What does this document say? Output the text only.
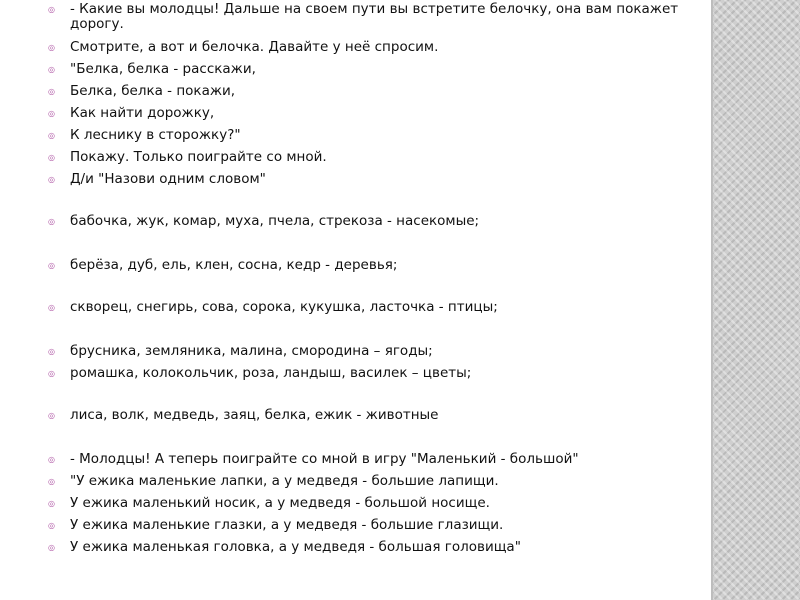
◎ - Какие вы молодцы! Дальше на своем пути вы встретите белочку, она вам покажет дорогу.
◎ Смотрите, а вот и белочка. Давайте у неё спросим.
◎ "Белка, белка - расскажи,
◎ Белка, белка - покажи,
◎ Как найти дорожку,
◎ К леснику в сторожку?"
◎ Покажу. Только поиграйте со мной.
◎ Д/и "Назови одним словом"
◎ бабочка, жук, комар, муха, пчела, стрекоза - насекомые;
◎ берёза, дуб, ель, клен, сосна, кедр - деревья;
◎ скворец, снегирь, сова, сорока, кукушка, ласточка - птицы;
◎ брусника, земляника, малина, смородина – ягоды;
◎ ромашка, колокольчик, роза, ландыш, василек – цветы;
◎ лиса, волк, медведь, заяц, белка, ежик - животные
◎ - Молодцы! А теперь поиграйте со мной в игру "Маленький - большой"
◎ "У ежика маленькие лапки, а у медведя - большие лапищи.
◎ У ежика маленький носик, а у медведя - большой носище.
◎ У ежика маленькие глазки, а у медведя - большие глазищи.
◎ У ежика маленькая головка, а у медведя - большая головища"
